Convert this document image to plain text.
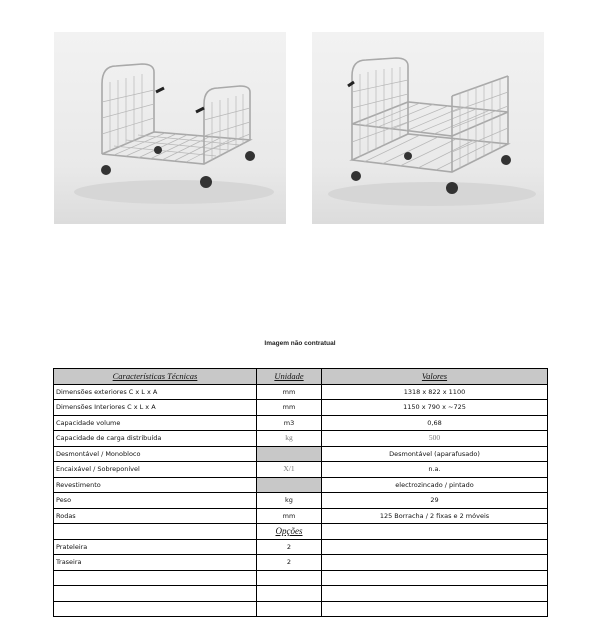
Imagem não contratual
Características Técnicas	Unidade	Valores
Dimensões exteriores C x L x A	mm	1318 x 822 x 1100
Dimensões Interiores C x L x A	mm	1150 x 790 x ~725
Capacidade volume	m3	0,68
Capacidade de carga distribuída	kg	500
Desmontável / Monobloco		Desmontável (aparafusado)
Encaixável / Sobreponível	X/1	n.a.
Revestimento		electrozincado / pintado
Peso	kg	29
Rodas	mm	125 Borracha / 2 fixas e 2 móveis
	Opções	
Prateleira	2	
Traseira	2	
